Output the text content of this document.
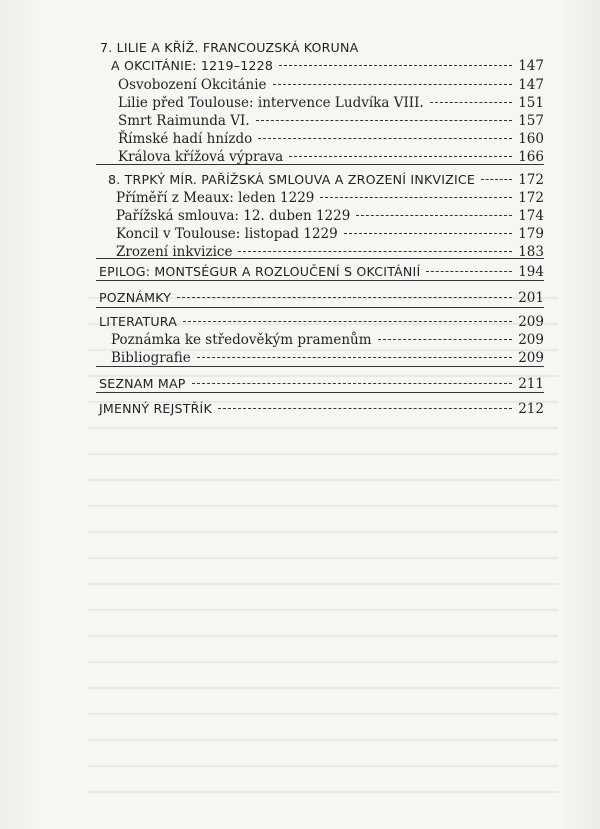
7. LILIE A KŘÍŽ. FRANCOUZSKÁ KORUNA
A OKCITÁNIE: 1219–1228	147
Osvobození Okcitánie	147
Lilie před Toulouse: intervence Ludvíka VIII.	151
Smrt Raimunda VI.	157
Římské hadí hnízdo	160
Králova křížová výprava	166
8. TRPKÝ MÍR. PAŘÍŽSKÁ SMLOUVA A ZROZENÍ INKVIZICE	172
Příměří z Meaux: leden 1229	172
Pařížská smlouva: 12. duben 1229	174
Koncil v Toulouse: listopad 1229	179
Zrození inkvizice	183
EPILOG: MONTSÉGUR A ROZLOUČENÍ S OKCITÁNIÍ	194
POZNÁMKY	201
LITERATURA	209
Poznámka ke středověkým pramenům	209
Bibliografie	209
SEZNAM MAP	211
JMENNÝ REJSTŘÍK	212
